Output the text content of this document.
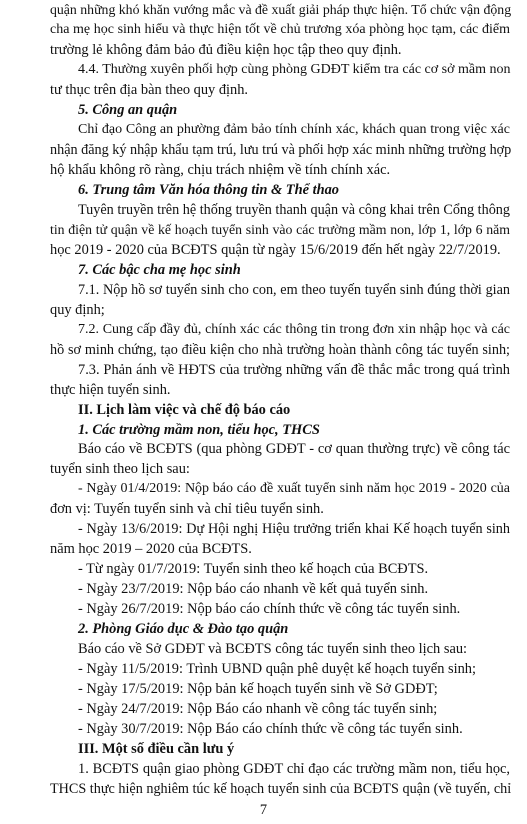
quận những khó khăn vướng mắc và đề xuất giải pháp thực hiện. Tổ chức vận động
cha mẹ học sinh hiểu và thực hiện tốt về chủ trương xóa phòng học tạm, các điểm
trường lẻ không đảm bảo đủ điều kiện học tập theo quy định.
4.4. Thường xuyên phối hợp cùng phòng GDĐT kiểm tra các cơ sở mầm non
tư thục trên địa bàn theo quy định.
5. Công an quận
Chỉ đạo Công an phường đảm bảo tính chính xác, khách quan trong việc xác
nhận đăng ký nhập khẩu tạm trú, lưu trú và phối hợp xác minh những trường hợp
hộ khẩu không rõ ràng, chịu trách nhiệm về tính chính xác.
6. Trung tâm Văn hóa thông tin & Thể thao
Tuyên truyền trên hệ thống truyền thanh quận và công khai trên Cổng thông
tin điện tử quận về kế hoạch tuyển sinh vào các trường mầm non, lớp 1, lớp 6 năm
học 2019 - 2020 của BCĐTS quận từ ngày 15/6/2019 đến hết ngày 22/7/2019.
7. Các bậc cha mẹ học sinh
7.1. Nộp hồ sơ tuyển sinh cho con, em theo tuyến tuyển sinh đúng thời gian
quy định;
7.2. Cung cấp đầy đủ, chính xác các thông tin trong đơn xin nhập học và các
hồ sơ minh chứng, tạo điều kiện cho nhà trường hoàn thành công tác tuyển sinh;
7.3. Phản ánh về HĐTS của trường những vấn đề thắc mắc trong quá trình
thực hiện tuyển sinh.
II. Lịch làm việc và chế độ báo cáo
1. Các trường mầm non, tiểu học, THCS
Báo cáo về BCĐTS (qua phòng GDĐT - cơ quan thường trực) về công tác
tuyển sinh theo lịch sau:
- Ngày 01/4/2019: Nộp báo cáo đề xuất tuyển sinh năm học 2019 - 2020 của
đơn vị: Tuyến tuyển sinh và chỉ tiêu tuyển sinh.
- Ngày 13/6/2019: Dự Hội nghị Hiệu trưởng triển khai Kế hoạch tuyển sinh
năm học 2019 – 2020 của BCĐTS.
- Từ ngày 01/7/2019: Tuyển sinh theo kế hoạch của BCĐTS.
- Ngày 23/7/2019: Nộp báo cáo nhanh về kết quả tuyển sinh.
- Ngày 26/7/2019: Nộp báo cáo chính thức về công tác tuyển sinh.
2. Phòng Giáo dục & Đào tạo quận
Báo cáo về Sở GDĐT và BCĐTS công tác tuyển sinh theo lịch sau:
- Ngày 11/5/2019: Trình UBND quận phê duyệt kế hoạch tuyển sinh;
- Ngày 17/5/2019: Nộp bản kế hoạch tuyển sinh về Sở GDĐT;
- Ngày 24/7/2019: Nộp Báo cáo nhanh về công tác tuyển sinh;
- Ngày 30/7/2019: Nộp Báo cáo chính thức về công tác tuyển sinh.
III. Một số điều cần lưu ý
1. BCĐTS quận giao phòng GDĐT chỉ đạo các trường mầm non, tiểu học,
THCS thực hiện nghiêm túc kế hoạch tuyển sinh của BCĐTS quận (về tuyến, chỉ
7
